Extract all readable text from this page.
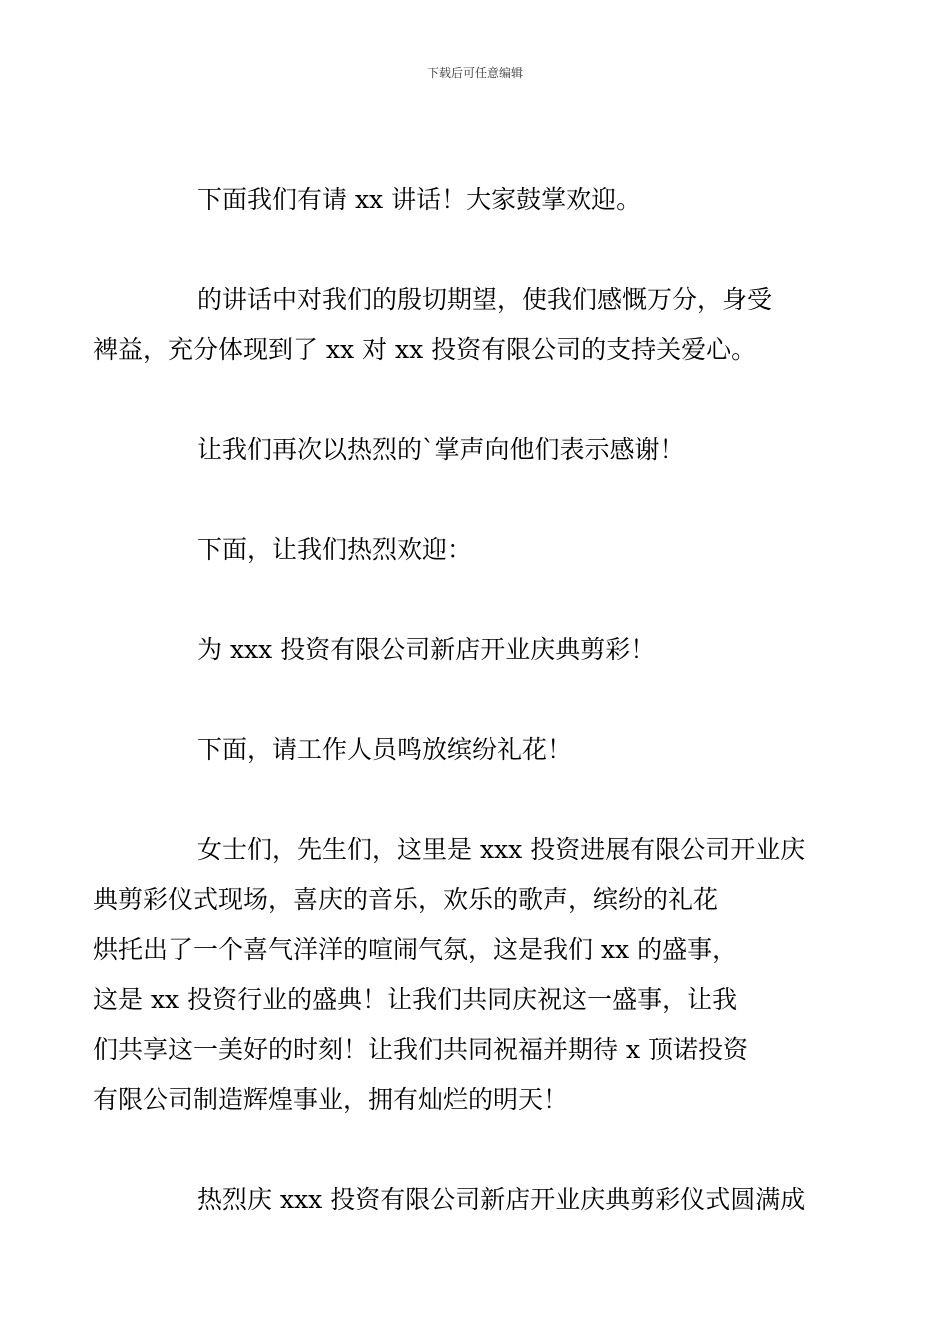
下载后可任意编辑

下面我们有请 xx 讲话！大家鼓掌欢迎。

的讲话中对我们的殷切期望，使我们感慨万分，身受
裨益，充分体现到了 xx 对 xx 投资有限公司的支持关爱心。

让我们再次以热烈的`掌声向他们表示感谢！

下面，让我们热烈欢迎：

为 xxx 投资有限公司新店开业庆典剪彩！

下面，请工作人员鸣放缤纷礼花！

女士们，先生们，这里是 xxx 投资进展有限公司开业庆
典剪彩仪式现场，喜庆的音乐，欢乐的歌声，缤纷的礼花
烘托出了一个喜气洋洋的喧闹气氛，这是我们 xx 的盛事，
这是 xx 投资行业的盛典！让我们共同庆祝这一盛事，让我
们共享这一美好的时刻！让我们共同祝福并期待 x 顶诺投资
有限公司制造辉煌事业，拥有灿烂的明天！

热烈庆 xxx 投资有限公司新店开业庆典剪彩仪式圆满成
